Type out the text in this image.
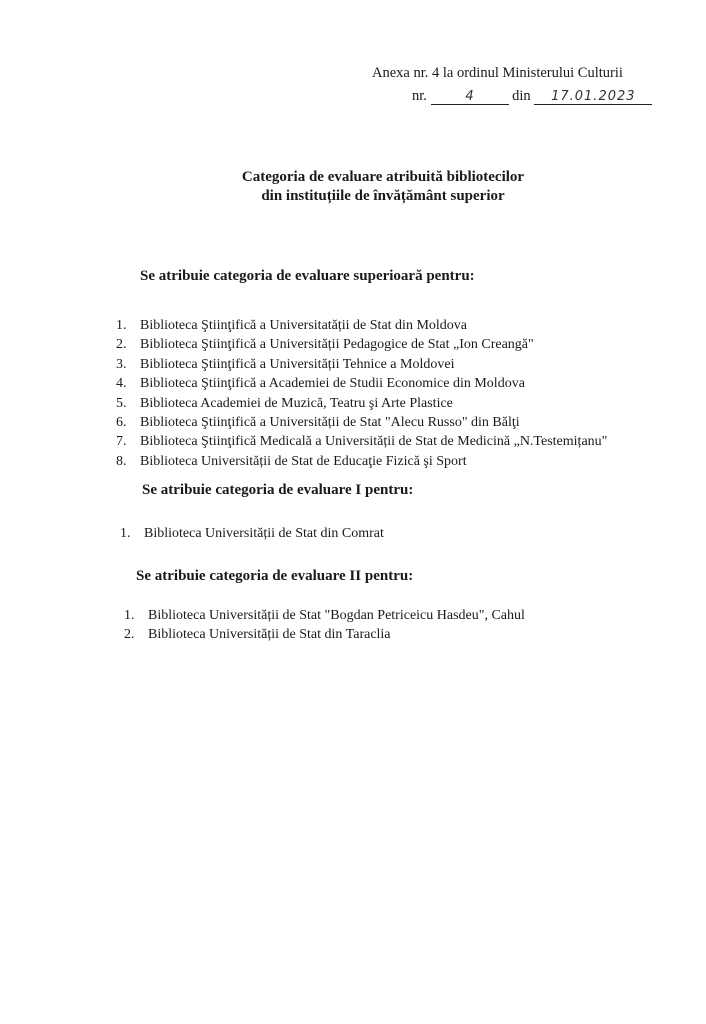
Anexa nr. 4 la ordinul Ministerului Culturii
nr.	4	din 17.01.2023
Categoria de evaluare atribuită bibliotecilor
din instituțiile de învățământ superior
Se atribuie categoria de evaluare superioară pentru:
1. Biblioteca Ştiinţifică a Universitatății de Stat din Moldova
2. Biblioteca Ştiinţifică a Universității Pedagogice de Stat „Ion Creangă"
3. Biblioteca Ştiinţifică a Universității Tehnice a Moldovei
4. Biblioteca Ştiinţifică a Academiei de Studii Economice din Moldova
5. Biblioteca Academiei de Muzică, Teatru şi Arte Plastice
6. Biblioteca Ştiinţifică a Universității de Stat "Alecu Russo" din Bălţi
7. Biblioteca Ştiinţifică Medicală a Universității de Stat de Medicină „N.Testemițanu"
8. Biblioteca Universității de Stat de Educaţie Fizică şi Sport
Se atribuie categoria de evaluare I pentru:
1. Biblioteca Universității de Stat din Comrat
Se atribuie categoria de evaluare II pentru:
1. Biblioteca Universității de Stat "Bogdan Petriceicu Hasdeu", Cahul
2. Biblioteca Universității de Stat din Taraclia
